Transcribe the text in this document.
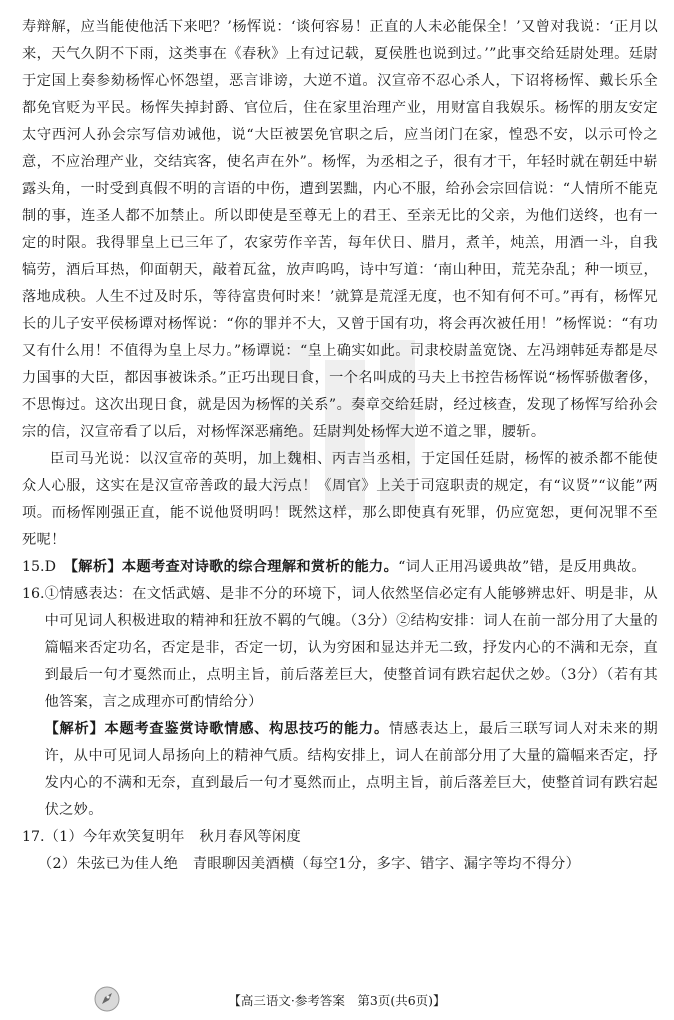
寿辩解，应当能使他活下来吧？’杨恽说：‘谈何容易！正直的人未必能保全！’又曾对我说：‘正月以来，天气久阴不下雨，这类事在《春秋》上有过记载，夏侯胜也说到过。’”此事交给廷尉处理。廷尉于定国上奏参劾杨恽心怀怨望，恶言诽谤，大逆不道。汉宣帝不忍心杀人，下诏将杨恽、戴长乐全都免官贬为平民。杨恽失掉封爵、官位后，住在家里治理产业，用财富自我娱乐。杨恽的朋友安定太守西河人孙会宗写信劝诫他，说“大臣被罢免官职之后，应当闭门在家，惶恐不安，以示可怜之意，不应治理产业，交结宾客，使名声在外”。杨恽，为丞相之子，很有才干，年轻时就在朝廷中崭露头角，一时受到真假不明的言语的中伤，遭到罢黜，内心不服，给孙会宗回信说：“人情所不能克制的事，连圣人都不加禁止。所以即使是至尊无上的君王、至亲无比的父亲，为他们送终，也有一定的时限。我得罪皇上已三年了，农家劳作辛苦，每年伏日、腊月，煮羊，炖羔，用酒一斗，自我犒劳，酒后耳热，仰面朝天，敲着瓦盆，放声呜呜，诗中写道：‘南山种田，荒芜杂乱；种一顷豆，落地成秧。人生不过及时乐，等待富贵何时来！’就算是荒淫无度，也不知有何不可。”再有，杨恽兄长的儿子安平侯杨谭对杨恽说：“你的罪并不大，又曾于国有功，将会再次被任用！”杨恽说：“有功又有什么用！不值得为皇上尽力。”杨谭说：“皇上确实如此。司隶校尉盖宽饶、左冯翊韩延寿都是尽力国事的大臣，都因事被诛杀。”正巧出现日食，一个名叫成的马夫上书控告杨恽说“杨恽骄傲奢侈，不思悔过。这次出现日食，就是因为杨恽的关系”。奏章交给廷尉，经过核查，发现了杨恽写给孙会宗的信，汉宣帝看了以后，对杨恽深恶痛绝。廷尉判处杨恽大逆不道之罪，腰斩。

臣司马光说：以汉宣帝的英明，加上魏相、丙吉当丞相，于定国任廷尉，杨恽的被杀都不能使众人心服，这实在是汉宣帝善政的最大污点！《周官》上关于司寇职责的规定，有“议贤”“议能”两项。而杨恽刚强正直，能不说他贤明吗！既然这样，那么即使真有死罪，仍应宽恕，更何况罪不至死呢！

15. D　 【解析】本题考查对诗歌的综合理解和赏析的能力。“词人正用冯谖典故”错，是反用典故。

16. ①情感表达：在文恬武嬉、是非不分的环境下，词人依然坚信必定有人能够辨忠奸、明是非，从中可见词人积极进取的精神和狂放不羁的气魄。（3分）②结构安排：词人在前一部分用了大量的篇幅来否定功名，否定是非，否定一切，认为穷困和显达并无二致，抒发内心的不满和无奈，直到最后一句才戛然而止，点明主旨，前后落差巨大，使整首词有跌宕起伏之妙。（3分）（若有其他答案，言之成理亦可酌情给分）

【解析】本题考查鉴赏诗歌情感、构思技巧的能力。情感表达上，最后三联写词人对未来的期许，从中可见词人昂扬向上的精神气质。结构安排上，词人在前部分用了大量的篇幅来否定，抒发内心的不满和无奈，直到最后一句才戛然而止，点明主旨，前后落差巨大，使整首词有跌宕起伏之妙。

17. （1）今年欢笑复明年　秋月春风等闲度

（2）朱弦已为佳人绝　青眼聊因美酒横（每空1分，多字、错字、漏字等均不得分）

【高三语文·参考答案　第3页(共6页)】
